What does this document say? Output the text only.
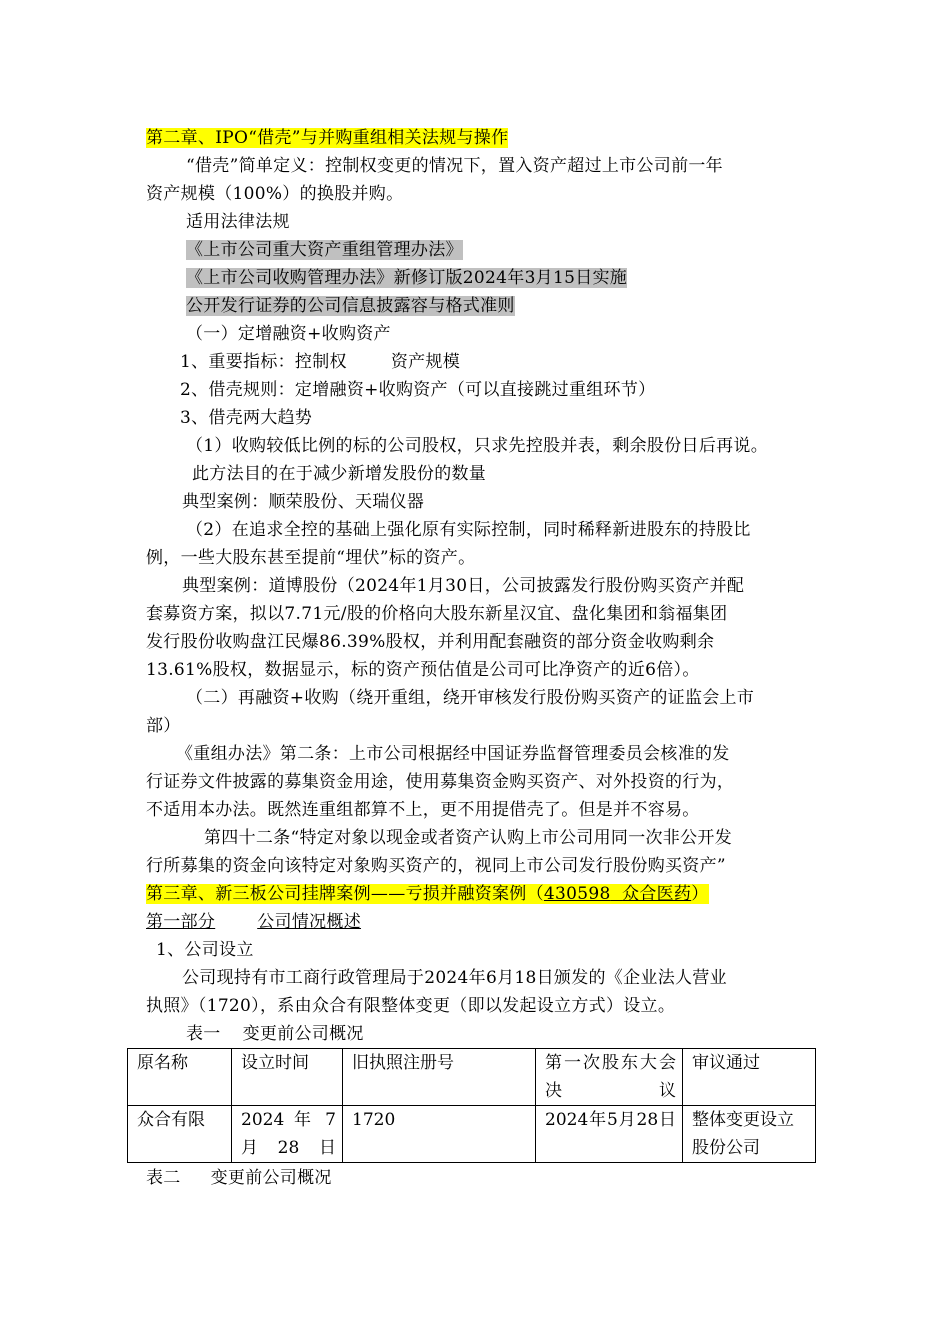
第二章、IPO“借壳”与并购重组相关法规与操作
“借壳”简单定义：控制权变更的情况下，置入资产超过上市公司前一年
资产规模（100%）的换股并购。
适用法律法规
《上市公司重大资产重组管理办法》
《上市公司收购管理办法》新修订版2024年3月15日实施
公开发行证券的公司信息披露容与格式准则
（一）定增融资+收购资产
1、重要指标：控制权	资产规模
2、借壳规则：定增融资+收购资产（可以直接跳过重组环节）
3、借壳两大趋势
（1）收购较低比例的标的公司股权，只求先控股并表，剩余股份日后再说。
此方法目的在于减少新增发股份的数量
典型案例：顺荣股份、天瑞仪器
（2）在追求全控的基础上强化原有实际控制，同时稀释新进股东的持股比
例，一些大股东甚至提前“埋伏”标的资产。
典型案例：道博股份（2024年1月30日，公司披露发行股份购买资产并配
套募资方案，拟以7.71元/股的价格向大股东新星汉宜、盘化集团和翁福集团
发行股份收购盘江民爆86.39%股权，并利用配套融资的部分资金收购剩余
13.61%股权，数据显示，标的资产预估值是公司可比净资产的近6倍）。
（二）再融资+收购（绕开重组，绕开审核发行股份购买资产的证监会上市
部）
《重组办法》第二条：上市公司根据经中国证券监督管理委员会核准的发
行证券文件披露的募集资金用途，使用募集资金购买资产、对外投资的行为，
不适用本办法。既然连重组都算不上，更不用提借壳了。但是并不容易。
第四十二条“特定对象以现金或者资产认购上市公司用同一次非公开发
行所募集的资金向该特定对象购买资产的，视同上市公司发行股份购买资产”
第三章、新三板公司挂牌案例——亏损并融资案例（430598 众合医药）
第一部分 公司情况概述
1、公司设立
公司现持有市工商行政管理局于2024年6月18日颁发的《企业法人营业
执照》（1720），系由众合有限整体变更（即以发起设立方式）设立。
表一 变更前公司概况
原名称	设立时间	旧执照注册号	第一次股东大会决议	审议通过
众合有限	2024 年 7 月28日	1720	2024年5月28日	整体变更设立股份公司
表二 变更前公司概况
